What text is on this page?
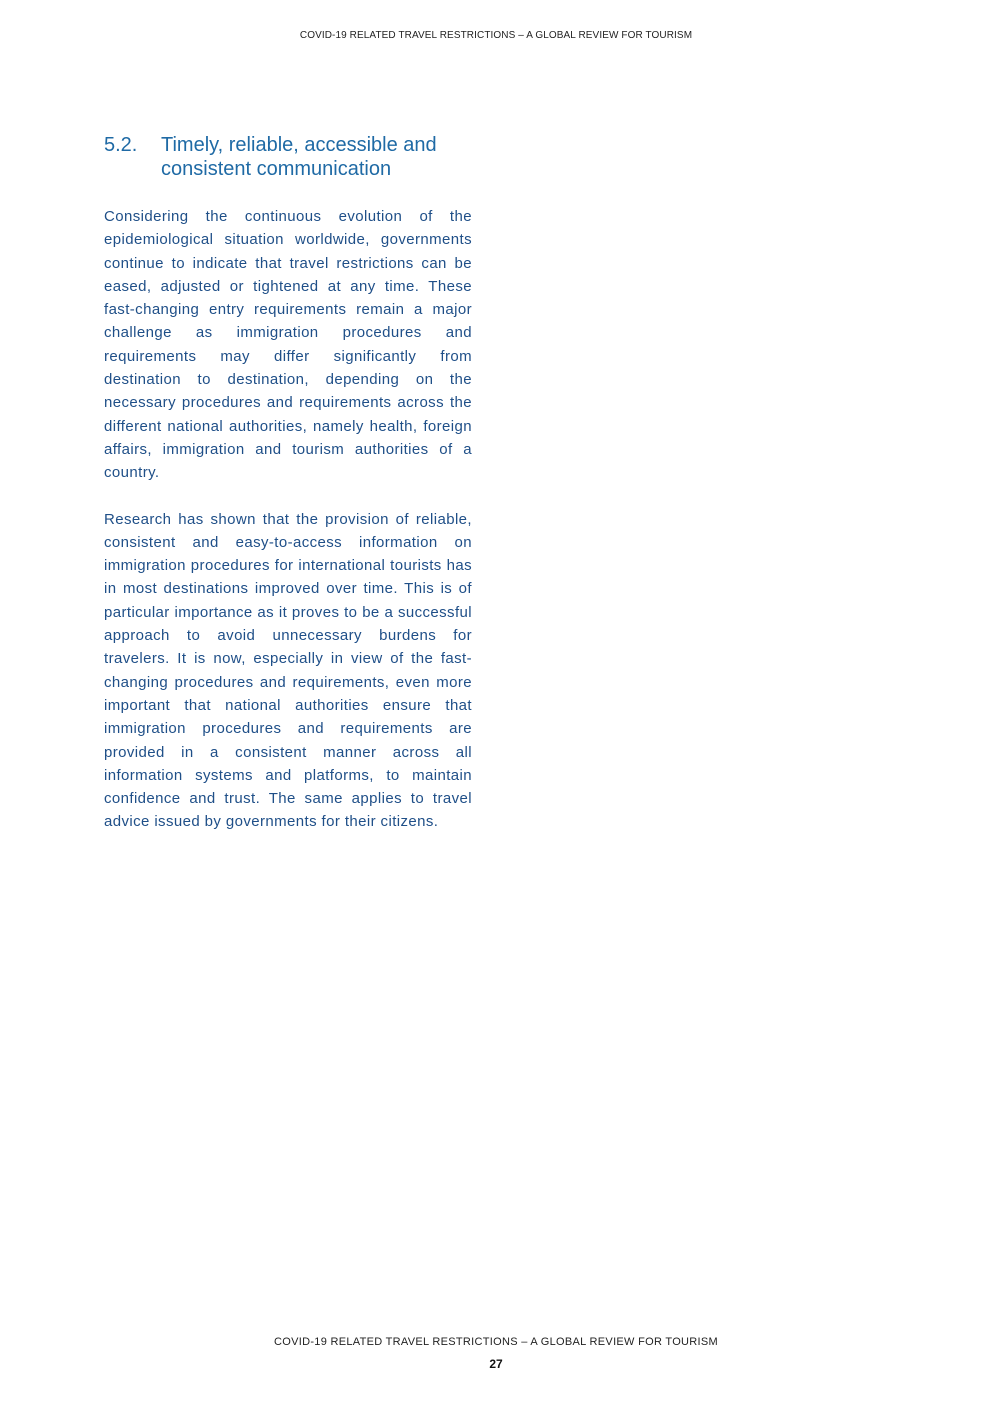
COVID-19 RELATED TRAVEL RESTRICTIONS – A GLOBAL REVIEW FOR TOURISM

5.2.	Timely, reliable, accessible and consistent communication

Considering the continuous evolution of the epidemiological situation worldwide, governments continue to indicate that travel restrictions can be eased, adjusted or tightened at any time. These fast-changing entry requirements remain a major challenge as immigration procedures and requirements may differ significantly from destination to destination, depending on the necessary procedures and requirements across the different national authorities, namely health, foreign affairs, immigration and tourism authorities of a country.

Research has shown that the provision of reliable, consistent and easy-to-access information on immigration procedures for international tourists has in most destinations improved over time. This is of particular importance as it proves to be a successful approach to avoid unnecessary burdens for travelers. It is now, especially in view of the fast-changing procedures and requirements, even more important that national authorities ensure that immigration procedures and requirements are provided in a consistent manner across all information systems and platforms, to maintain confidence and trust. The same applies to travel advice issued by governments for their citizens.

COVID-19 RELATED TRAVEL RESTRICTIONS – A GLOBAL REVIEW FOR TOURISM

27
